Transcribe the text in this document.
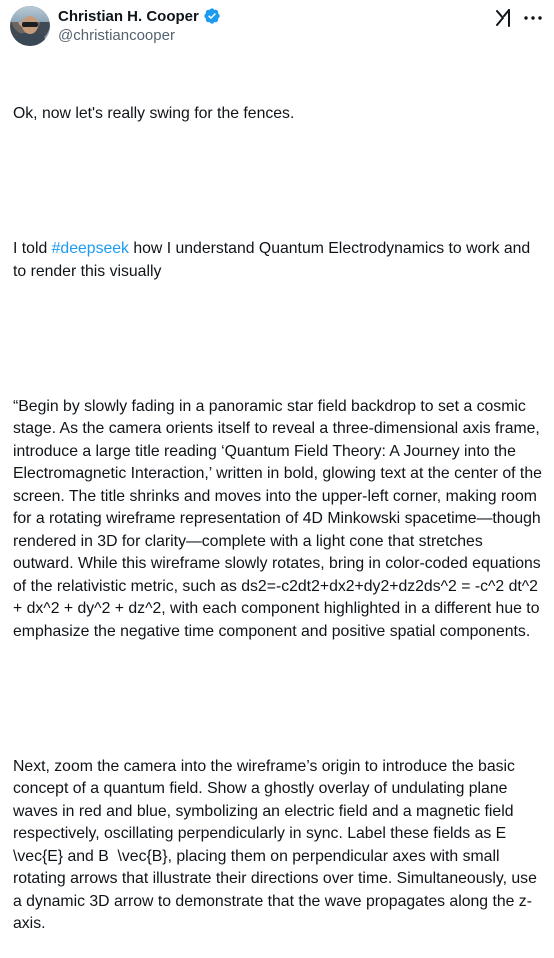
Christian H. Cooper
@christiancooper

Ok, now let's really swing for the fences.

I told #deepseek how I understand Quantum Electrodynamics to work and to render this visually

“Begin by slowly fading in a panoramic star field backdrop to set a cosmic stage. As the camera orients itself to reveal a three-dimensional axis frame, introduce a large title reading ‘Quantum Field Theory: A Journey into the Electromagnetic Interaction,’ written in bold, glowing text at the center of the screen. The title shrinks and moves into the upper-left corner, making room for a rotating wireframe representation of 4D Minkowski spacetime—though rendered in 3D for clarity—complete with a light cone that stretches outward. While this wireframe slowly rotates, bring in color-coded equations of the relativistic metric, such as ds2=-c2dt2+dx2+dy2+dz2ds^2 = -c^2 dt^2 + dx^2 + dy^2 + dz^2, with each component highlighted in a different hue to emphasize the negative time component and positive spatial components.

Next, zoom the camera into the wireframe’s origin to introduce the basic concept of a quantum field. Show a ghostly overlay of undulating plane waves in red and blue, symbolizing an electric field and a magnetic field respectively, oscillating perpendicularly in sync. Label these fields as E  \vec{E} and B  \vec{B}, placing them on perpendicular axes with small rotating arrows that illustrate their directions over time. Simultaneously, use a dynamic 3D arrow to demonstrate that the wave propagates along the z-axis.
